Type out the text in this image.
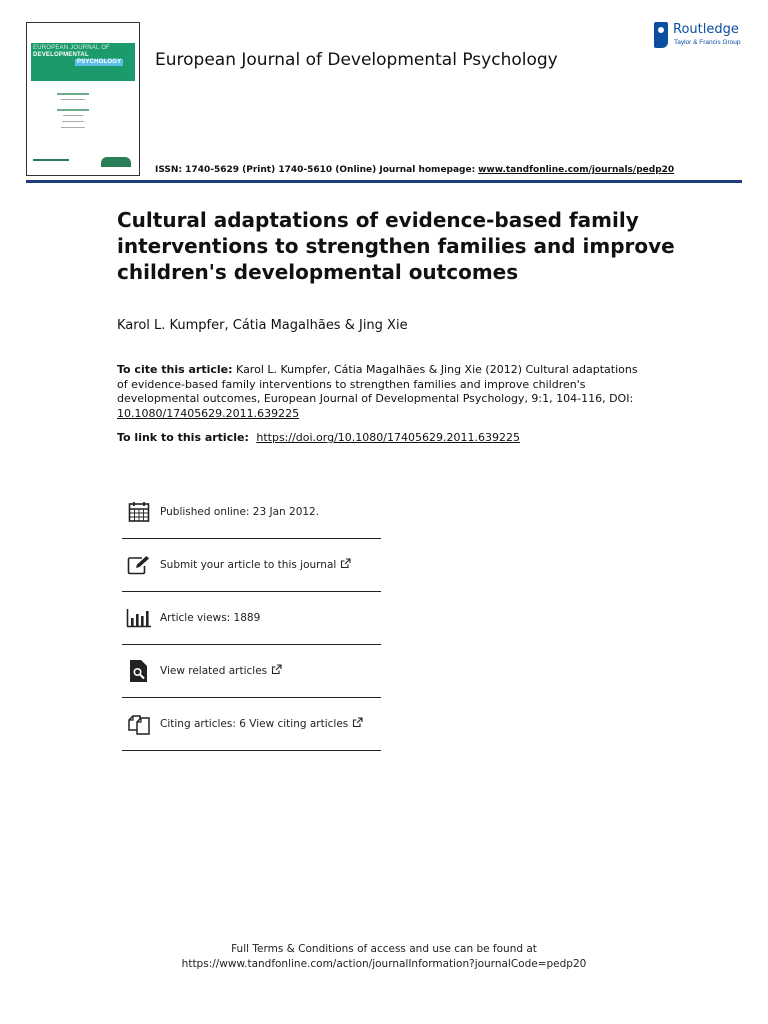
EUROPEAN JOURNAL OF
DEVELOPMENTAL
PSYCHOLOGY	European Journal of Developmental Psychology
ISSN: 1740-5629 (Print) 1740-5610 (Online) Journal homepage: www.tandfonline.com/journals/pedp20
Routledge
Taylor & Francis Group
Cultural adaptations of evidence-based family interventions to strengthen families and improve children's developmental outcomes
Karol L. Kumpfer, Cátia Magalhães & Jing Xie
To cite this article: Karol L. Kumpfer, Cátia Magalhães & Jing Xie (2012) Cultural adaptations of evidence-based family interventions to strengthen families and improve children's developmental outcomes, European Journal of Developmental Psychology, 9:1, 104-116, DOI: 10.1080/17405629.2011.639225
To link to this article: https://doi.org/10.1080/17405629.2011.639225
Published online: 23 Jan 2012.
Submit your article to this journal
Article views: 1889
View related articles
Citing articles: 6 View citing articles
Full Terms & Conditions of access and use can be found at
https://www.tandfonline.com/action/journalInformation?journalCode=pedp20
